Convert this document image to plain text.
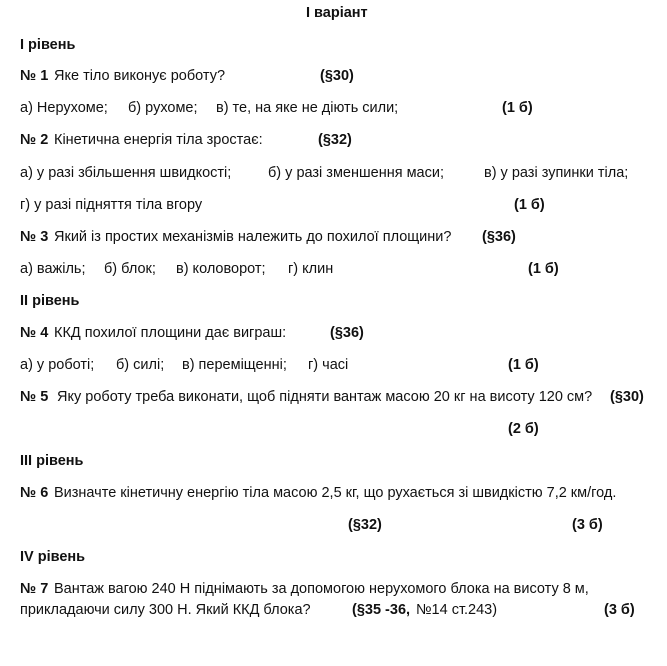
І варіант
І рівень
№ 1 Яке тіло виконує роботу?	(§30)
а) Нерухоме; б) рухоме; в) те, на яке не діють сили;	(1 б)
№ 2 Кінетична енергія тіла зростає:	(§32)
а) у разі збільшення швидкості;	б) у разі зменшення маси;	в) у разі зупинки тіла;
г) у разі підняття тіла вгору	(1 б)
№ 3 Який із простих механізмів належить до похилої площини? (§36)
а) важіль; б) блок; в) коловорот; г) клин	(1 б)
ІІ рівень
№ 4 ККД похилої площини дає виграш:	(§36)
а) у роботі; б) силі; в) переміщенні; г) часі	(1 б)
№ 5 Яку роботу треба виконати, щоб підняти вантаж масою 20 кг на висоту 120 см? (§30)
(2 б)
ІІІ рівень
№ 6 Визначте кінетичну енергію тіла масою 2,5 кг, що рухається зі швидкістю 7,2 км/год.
(§32)	(3 б)
ІV рівень
№ 7 Вантаж вагою 240 Н піднімають за допомогою нерухомого блока на висоту 8 м,
прикладаючи силу 300 Н. Який ККД блока?	(§35 -36, №14 ст.243)	(3 б)
